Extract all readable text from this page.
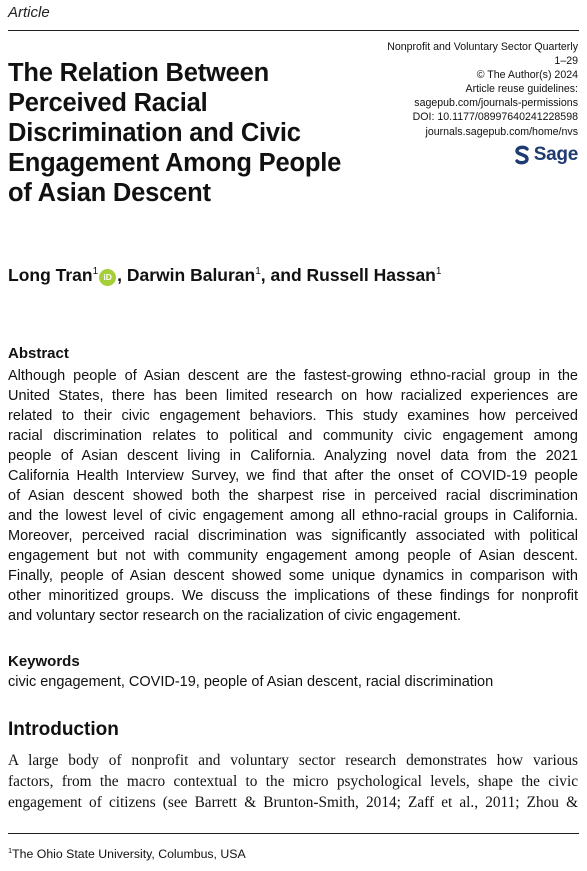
Article
Nonprofit and Voluntary Sector Quarterly
1–29
© The Author(s) 2024
Article reuse guidelines:
sagepub.com/journals-permissions
DOI: 10.1177/08997640241228598
journals.sagepub.com/home/nvs
Sage
The Relation Between
Perceived Racial
Discrimination and Civic
Engagement Among People
of Asian Descent

Long Tran$^1$ iD , Darwin Baluran$^1$, and Russell Hassan$^1$

Abstract
Although people of Asian descent are the fastest-growing ethno-racial group in the
United States, there has been limited research on how racialized experiences are
related to their civic engagement behaviors. This study examines how perceived
racial discrimination relates to political and community civic engagement among
people of Asian descent living in California. Analyzing novel data from the 2021
California Health Interview Survey, we find that after the onset of COVID-19 people
of Asian descent showed both the sharpest rise in perceived racial discrimination
and the lowest level of civic engagement among all ethno-racial groups in California.
Moreover, perceived racial discrimination was significantly associated with political
engagement but not with community engagement among people of Asian descent.
Finally, people of Asian descent showed some unique dynamics in comparison with
other minoritized groups. We discuss the implications of these findings for nonprofit
and voluntary sector research on the racialization of civic engagement.
Keywords

civic engagement, COVID-19, people of Asian descent, racial discrimination

Introduction
A large body of nonprofit and voluntary sector research demonstrates how various
factors, from the macro contextual to the micro psychological levels, shape the civic
engagement of citizens (see Barrett & Brunton-Smith, 2014; Zaff et al., 2011; Zhou &

$^1$The Ohio State University, Columbus, USA
